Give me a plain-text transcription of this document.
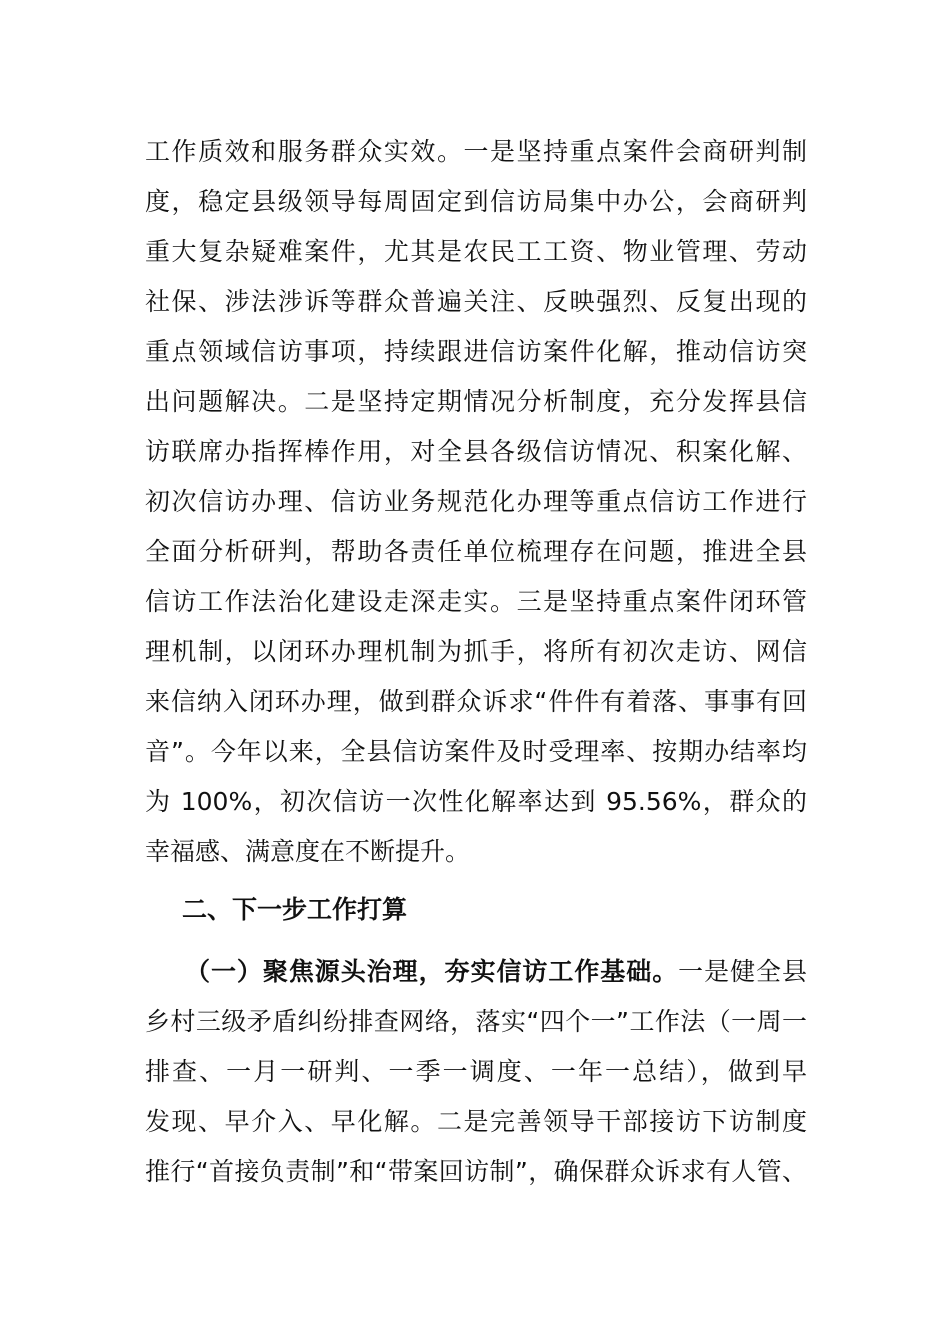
工作质效和服务群众实效。一是坚持重点案件会商研判制
度，稳定县级领导每周固定到信访局集中办公，会商研判
重大复杂疑难案件，尤其是农民工工资、物业管理、劳动
社保、涉法涉诉等群众普遍关注、反映强烈、反复出现的
重点领域信访事项，持续跟进信访案件化解，推动信访突
出问题解决。二是坚持定期情况分析制度，充分发挥县信
访联席办指挥棒作用，对全县各级信访情况、积案化解、
初次信访办理、信访业务规范化办理等重点信访工作进行
全面分析研判，帮助各责任单位梳理存在问题，推进全县
信访工作法治化建设走深走实。三是坚持重点案件闭环管
理机制，以闭环办理机制为抓手，将所有初次走访、网信
来信纳入闭环办理，做到群众诉求“件件有着落、事事有回
音”。今年以来，全县信访案件及时受理率、按期办结率均
为 100%，初次信访一次性化解率达到 95.56%，群众的
幸福感、满意度在不断提升。
二、下一步工作打算
（一）聚焦源头治理，夯实信访工作基础。一是健全县
乡村三级矛盾纠纷排查网络，落实“四个一”工作法（一周一
排查、一月一研判、一季一调度、一年一总结），做到早
发现、早介入、早化解。二是完善领导干部接访下访制度
推行“首接负责制”和“带案回访制”，确保群众诉求有人管、
